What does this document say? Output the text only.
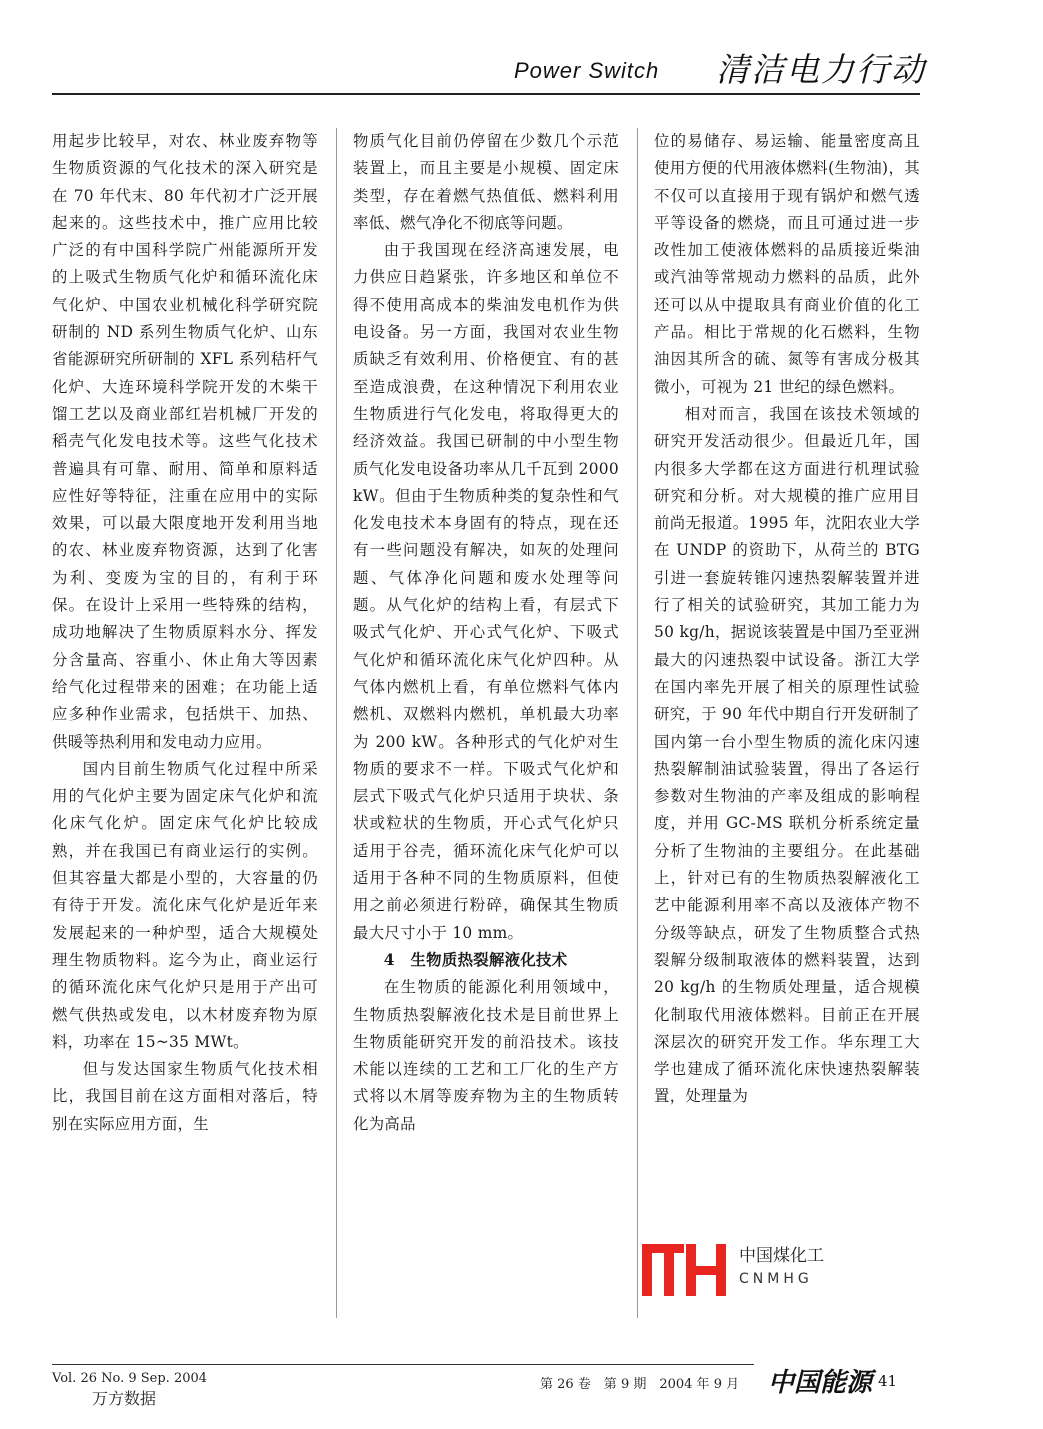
Power Switch 清洁电力行动

用起步比较早，对农、林业废弃物等生物质资源的气化技术的深入研究是在 70 年代末、80 年代初才广泛开展起来的。这些技术中，推广应用比较广泛的有中国科学院广州能源所开发的上吸式生物质气化炉和循环流化床气化炉、中国农业机械化科学研究院研制的 ND 系列生物质气化炉、山东省能源研究所研制的 XFL 系列秸杆气化炉、大连环境科学院开发的木柴干馏工艺以及商业部红岩机械厂开发的稻壳气化发电技术等。这些气化技术普遍具有可靠、耐用、简单和原料适应性好等特征，注重在应用中的实际效果，可以最大限度地开发利用当地的农、林业废弃物资源，达到了化害为利、变废为宝的目的，有利于环保。在设计上采用一些特殊的结构，成功地解决了生物质原料水分、挥发分含量高、容重小、休止角大等因素给气化过程带来的困难；在功能上适应多种作业需求，包括烘干、加热、供暖等热利用和发电动力应用。

国内目前生物质气化过程中所采用的气化炉主要为固定床气化炉和流化床气化炉。固定床气化炉比较成熟，并在我国已有商业运行的实例。但其容量大都是小型的，大容量的仍有待于开发。流化床气化炉是近年来发展起来的一种炉型，适合大规模处理生物质物料。迄今为止，商业运行的循环流化床气化炉只是用于产出可燃气供热或发电，以木材废弃物为原料，功率在 15~35 MWt。

但与发达国家生物质气化技术相比，我国目前在这方面相对落后，特别在实际应用方面，生

物质气化目前仍停留在少数几个示范装置上，而且主要是小规模、固定床类型，存在着燃气热值低、燃料利用率低、燃气净化不彻底等问题。

由于我国现在经济高速发展，电力供应日趋紧张，许多地区和单位不得不使用高成本的柴油发电机作为供电设备。另一方面，我国对农业生物质缺乏有效利用、价格便宜、有的甚至造成浪费，在这种情况下利用农业生物质进行气化发电，将取得更大的经济效益。我国已研制的中小型生物质气化发电设备功率从几千瓦到 2000 kW。但由于生物质种类的复杂性和气化发电技术本身固有的特点，现在还有一些问题没有解决，如灰的处理问题、气体净化问题和废水处理等问题。从气化炉的结构上看，有层式下吸式气化炉、开心式气化炉、下吸式气化炉和循环流化床气化炉四种。从气体内燃机上看，有单位燃料气体内燃机、双燃料内燃机，单机最大功率为 200 kW。各种形式的气化炉对生物质的要求不一样。下吸式气化炉和层式下吸式气化炉只适用于块状、条状或粒状的生物质，开心式气化炉只适用于谷壳，循环流化床气化炉可以适用于各种不同的生物质原料，但使用之前必须进行粉碎，确保其生物质最大尺寸小于 10 mm。

4　生物质热裂解液化技术

在生物质的能源化利用领域中，生物质热裂解液化技术是目前世界上生物质能研究开发的前沿技术。该技术能以连续的工艺和工厂化的生产方式将以木屑等废弃物为主的生物质转化为高品

位的易储存、易运输、能量密度高且使用方便的代用液体燃料(生物油)，其不仅可以直接用于现有锅炉和燃气透平等设备的燃烧，而且可通过进一步改性加工使液体燃料的品质接近柴油或汽油等常规动力燃料的品质，此外还可以从中提取具有商业价值的化工产品。相比于常规的化石燃料，生物油因其所含的硫、氮等有害成分极其微小，可视为 21 世纪的绿色燃料。

相对而言，我国在该技术领域的研究开发活动很少。但最近几年，国内很多大学都在这方面进行机理试验研究和分析。对大规模的推广应用目前尚无报道。1995 年，沈阳农业大学在 UNDP 的资助下，从荷兰的 BTG 引进一套旋转锥闪速热裂解装置并进行了相关的试验研究，其加工能力为 50 kg/h，据说该装置是中国乃至亚洲最大的闪速热裂中试设备。浙江大学在国内率先开展了相关的原理性试验研究，于 90 年代中期自行开发研制了国内第一台小型生物质的流化床闪速热裂解制油试验装置，得出了各运行参数对生物油的产率及组成的影响程度，并用 GC-MS 联机分析系统定量分析了生物油的主要组分。在此基础上，针对已有的生物质热裂解液化工艺中能源利用率不高以及液体产物不分级等缺点，研发了生物质整合式热裂解分级制取液体的燃料装置，达到 20 kg/h 的生物质处理量，适合规模化制取代用液体燃料。目前正在开展深层次的研究开发工作。华东理工大学也建成了循环流化床快速热裂解装置，处理量为

中国煤化工
CNMHG
Vol. 26 No. 9 Sep. 2004	第 26 卷　第 9 期　2004 年 9 月 中国能源 41
万方数据
